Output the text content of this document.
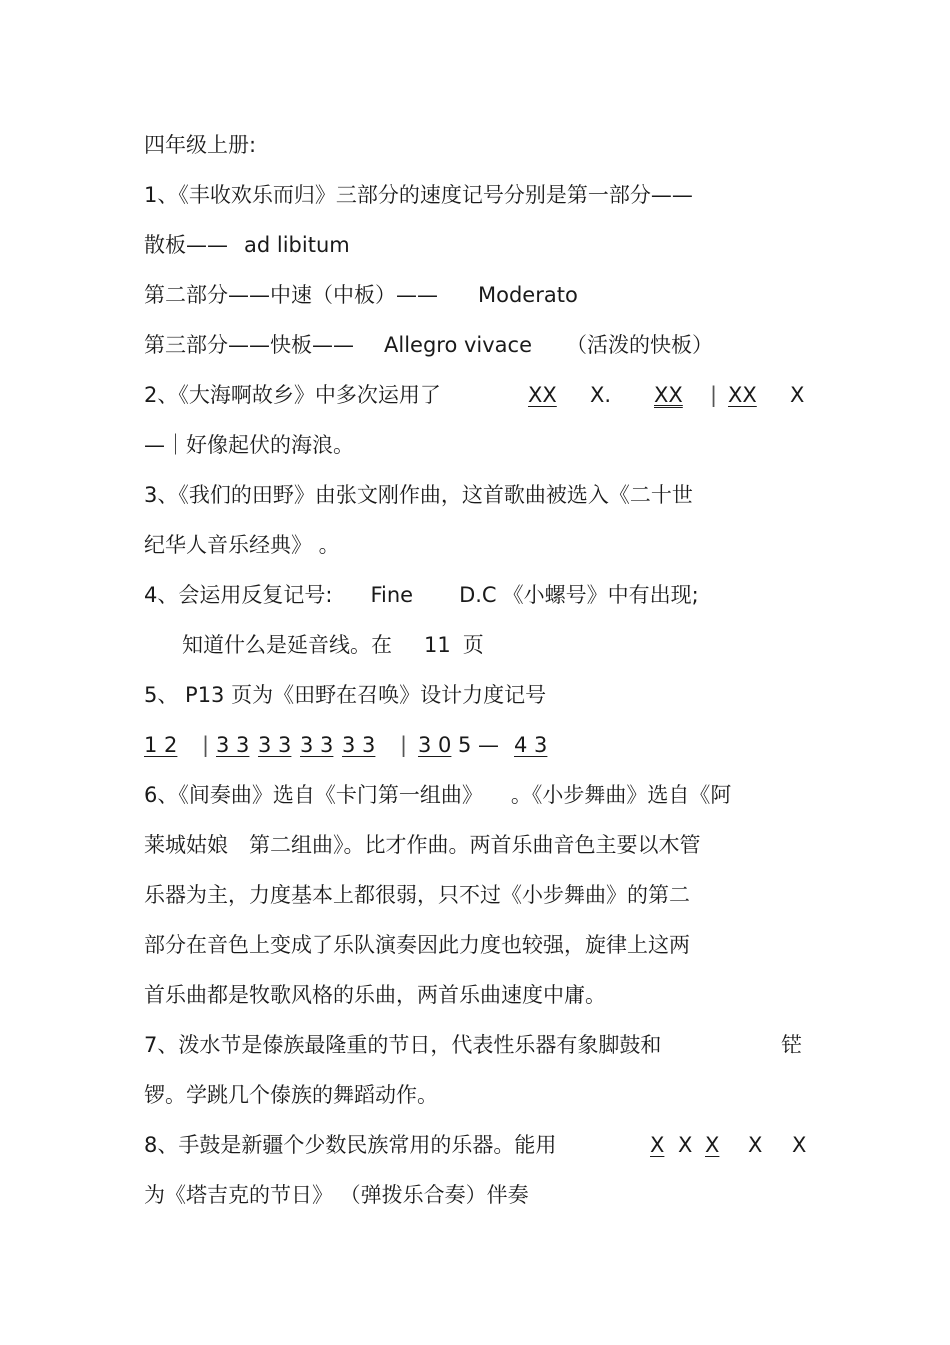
四年级上册:
1、《丰收欢乐而归》三部分的速度记号分别是第一部分——
散板—— ad libitum
第二部分——中速（中板）—— Moderato
第三部分——快板—— Allegro vivace （活泼的快板）
2、《大海啊故乡》中多次运用了	XX X. XX | XX X
—｜好像起伏的海浪。
3、《我们的田野》由张文刚作曲，这首歌曲被选入《二十世
纪华人音乐经典》 。
4、会运用反复记号: Fine D.C 《小螺号》中有出现;
知道什么是延音线。在 11 页
5、 P13 页为《田野在召唤》设计力度记号
1 2 | 3 3 3 3 3 3 3 3 | 3 0 5 — 4 3
6、《间奏曲》选自《卡门第一组曲》 。《小步舞曲》选自《阿
莱城姑娘　第二组曲》。比才作曲。两首乐曲音色主要以木管
乐器为主，力度基本上都很弱，只不过《小步舞曲》的第二
部分在音色上变成了乐队演奏因此力度也较强，旋律上这两
首乐曲都是牧歌风格的乐曲，两首乐曲速度中庸。
7、泼水节是傣族最隆重的节日，代表性乐器有象脚鼓和	铓
锣。学跳几个傣族的舞蹈动作。
8、手鼓是新疆个少数民族常用的乐器。能用	X X X X X
为《塔吉克的节日》 （弹拨乐合奏）伴奏
